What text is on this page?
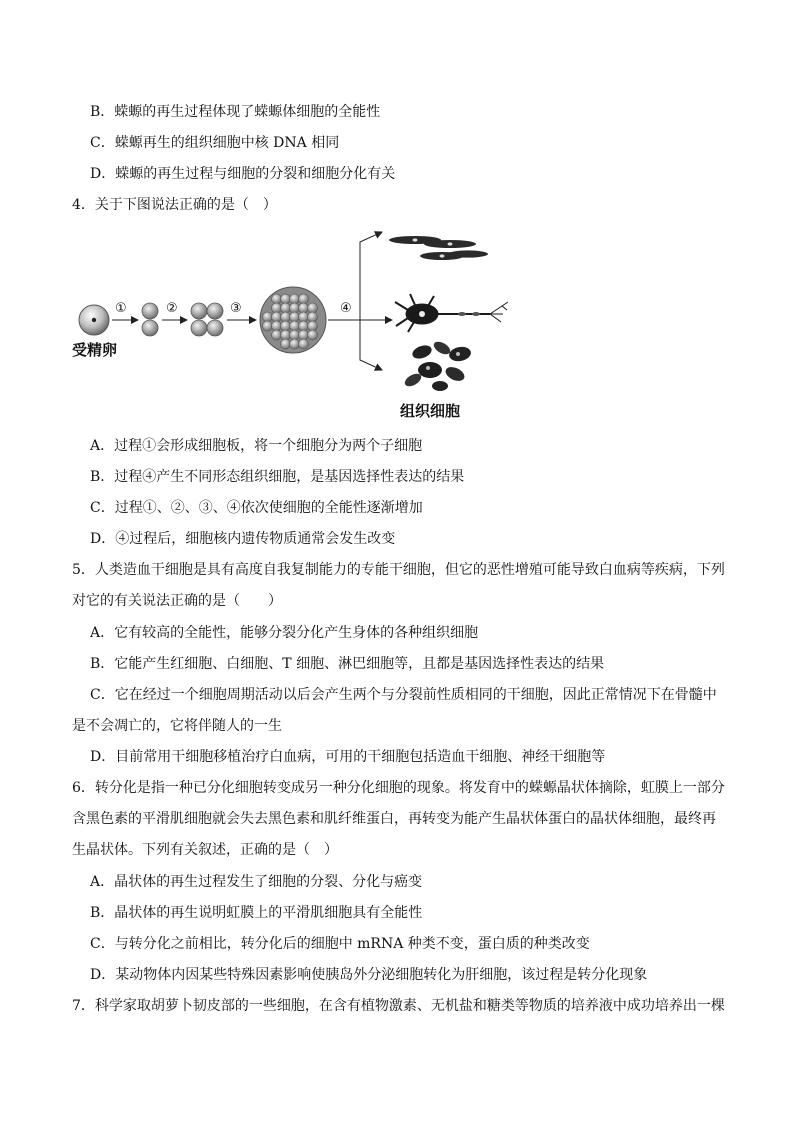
B．蝾螈的再生过程体现了蝾螈体细胞的全能性
C．蝾螈再生的组织细胞中核 DNA 相同
D．蝾螈的再生过程与细胞的分裂和细胞分化有关
4．关于下图说法正确的是（　）
受精卵
①	②	③	④
组织细胞
A．过程①会形成细胞板，将一个细胞分为两个子细胞
B．过程④产生不同形态组织细胞，是基因选择性表达的结果
C．过程①、②、③、④依次使细胞的全能性逐渐增加
D．④过程后，细胞核内遗传物质通常会发生改变
5．人类造血干细胞是具有高度自我复制能力的专能干细胞，但它的恶性增殖可能导致白血病等疾病，下列
对它的有关说法正确的是（　　）
A．它有较高的全能性，能够分裂分化产生身体的各种组织细胞
B．它能产生红细胞、白细胞、T 细胞、淋巴细胞等，且都是基因选择性表达的结果
C．它在经过一个细胞周期活动以后会产生两个与分裂前性质相同的干细胞，因此正常情况下在骨髓中
是不会凋亡的，它将伴随人的一生
D．目前常用干细胞移植治疗白血病，可用的干细胞包括造血干细胞、神经干细胞等
6．转分化是指一种已分化细胞转变成另一种分化细胞的现象。将发育中的蝾螈晶状体摘除，虹膜上一部分
含黑色素的平滑肌细胞就会失去黑色素和肌纤维蛋白，再转变为能产生晶状体蛋白的晶状体细胞，最终再
生晶状体。下列有关叙述，正确的是（　）
A．晶状体的再生过程发生了细胞的分裂、分化与癌变
B．晶状体的再生说明虹膜上的平滑肌细胞具有全能性
C．与转分化之前相比，转分化后的细胞中 mRNA 种类不变，蛋白质的种类改变
D．某动物体内因某些特殊因素影响使胰岛外分泌细胞转化为肝细胞，该过程是转分化现象
7．科学家取胡萝卜韧皮部的一些细胞，在含有植物激素、无机盐和糖类等物质的培养液中成功培养出一棵
